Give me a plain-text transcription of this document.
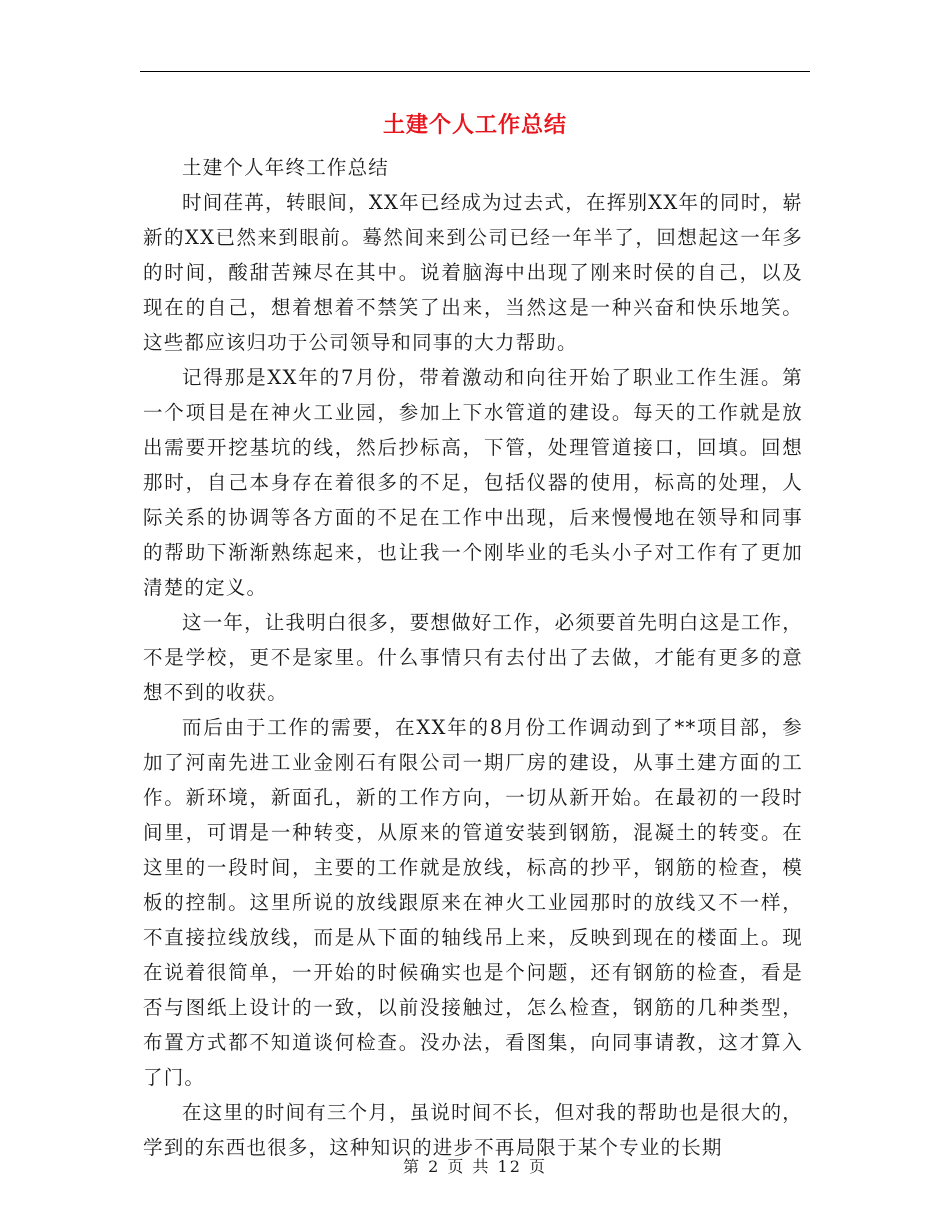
土建个人工作总结

土建个人年终工作总结

时间荏苒，转眼间，XX年已经成为过去式，在挥别XX年的同时，崭新的XX已然来到眼前。蓦然间来到公司已经一年半了，回想起这一年多的时间，酸甜苦辣尽在其中。说着脑海中出现了刚来时侯的自己，以及现在的自己，想着想着不禁笑了出来，当然这是一种兴奋和快乐地笑。这些都应该归功于公司领导和同事的大力帮助。

记得那是XX年的7月份，带着激动和向往开始了职业工作生涯。第一个项目是在神火工业园，参加上下水管道的建设。每天的工作就是放出需要开挖基坑的线，然后抄标高，下管，处理管道接口，回填。回想那时，自己本身存在着很多的不足，包括仪器的使用，标高的处理，人际关系的协调等各方面的不足在工作中出现，后来慢慢地在领导和同事的帮助下渐渐熟练起来，也让我一个刚毕业的毛头小子对工作有了更加清楚的定义。

这一年，让我明白很多，要想做好工作，必须要首先明白这是工作，不是学校，更不是家里。什么事情只有去付出了去做，才能有更多的意想不到的收获。

而后由于工作的需要，在XX年的8月份工作调动到了**项目部，参加了河南先进工业金刚石有限公司一期厂房的建设，从事土建方面的工作。新环境，新面孔，新的工作方向，一切从新开始。在最初的一段时间里，可谓是一种转变，从原来的管道安装到钢筋，混凝土的转变。在这里的一段时间，主要的工作就是放线，标高的抄平，钢筋的检查，模板的控制。这里所说的放线跟原来在神火工业园那时的放线又不一样，不直接拉线放线，而是从下面的轴线吊上来，反映到现在的楼面上。现在说着很简单，一开始的时候确实也是个问题，还有钢筋的检查，看是否与图纸上设计的一致，以前没接触过，怎么检查，钢筋的几种类型，布置方式都不知道谈何检查。没办法，看图集，向同事请教，这才算入了门。

在这里的时间有三个月，虽说时间不长，但对我的帮助也是很大的，学到的东西也很多，这种知识的进步不再局限于某个专业的长期

第 2 页 共 12 页
